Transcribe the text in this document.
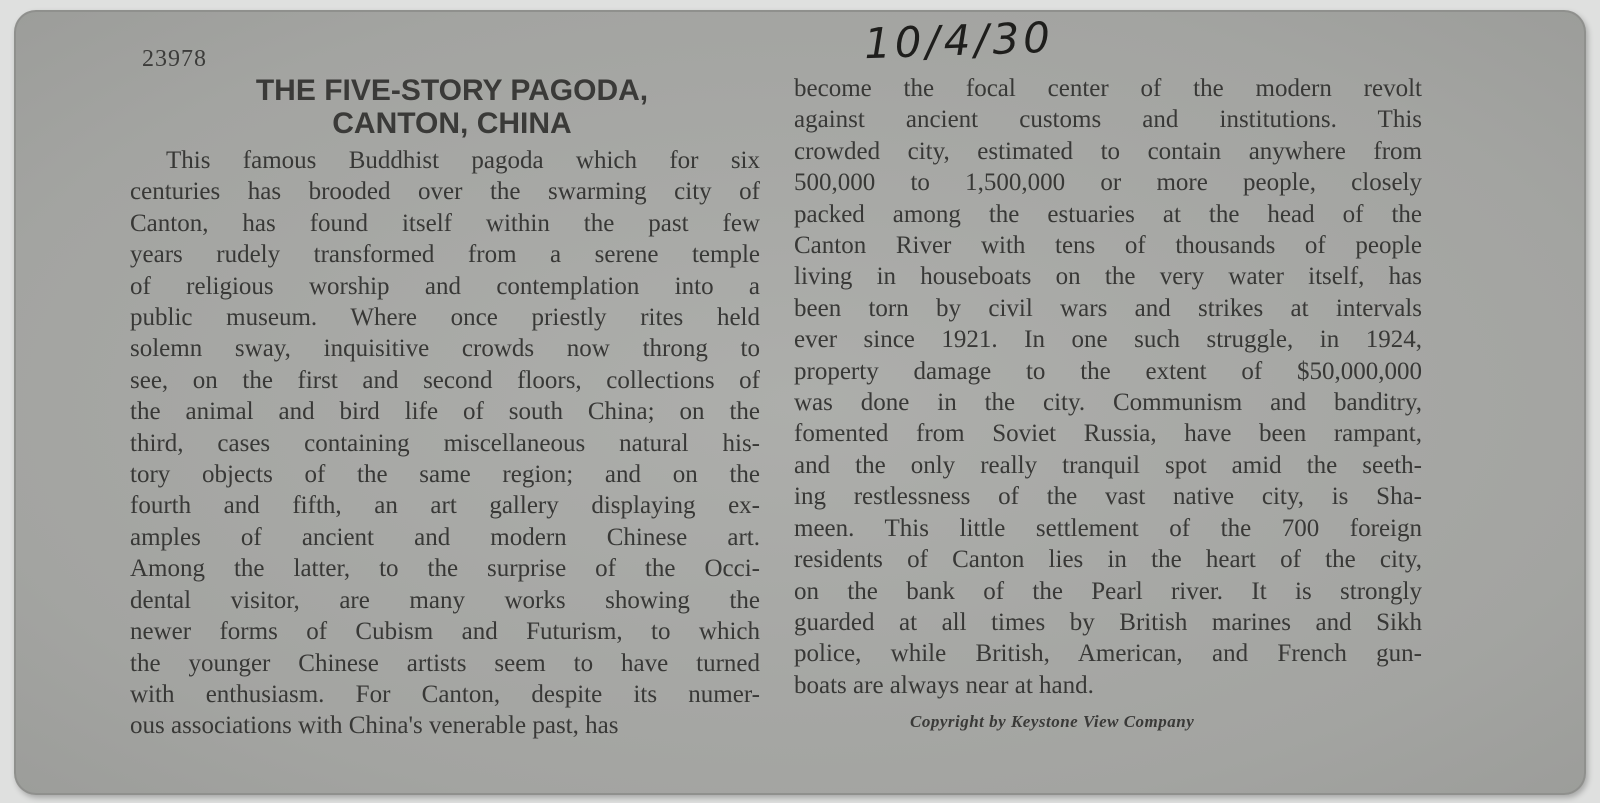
23978	10/4/30
THE FIVE-STORY PAGODA,
CANTON, CHINA
This famous Buddhist pagoda which for six
centuries has brooded over the swarming city of
Canton, has found itself within the past few
years rudely transformed from a serene temple
of religious worship and contemplation into a
public museum. Where once priestly rites held
solemn sway, inquisitive crowds now throng to
see, on the first and second floors, collections of
the animal and bird life of south China; on the
third, cases containing miscellaneous natural his-
tory objects of the same region; and on the
fourth and fifth, an art gallery displaying ex-
amples of ancient and modern Chinese art.
Among the latter, to the surprise of the Occi-
dental visitor, are many works showing the
newer forms of Cubism and Futurism, to which
the younger Chinese artists seem to have turned
with enthusiasm. For Canton, despite its numer-
ous associations with China's venerable past, has
become the focal center of the modern revolt
against ancient customs and institutions. This
crowded city, estimated to contain anywhere from
500,000 to 1,500,000 or more people, closely
packed among the estuaries at the head of the
Canton River with tens of thousands of people
living in houseboats on the very water itself, has
been torn by civil wars and strikes at intervals
ever since 1921. In one such struggle, in 1924,
property damage to the extent of $50,000,000
was done in the city. Communism and banditry,
fomented from Soviet Russia, have been rampant,
and the only really tranquil spot amid the seeth-
ing restlessness of the vast native city, is Sha-
meen. This little settlement of the 700 foreign
residents of Canton lies in the heart of the city,
on the bank of the Pearl river. It is strongly
guarded at all times by British marines and Sikh
police, while British, American, and French gun-
boats are always near at hand.
Copyright by Keystone View Company
